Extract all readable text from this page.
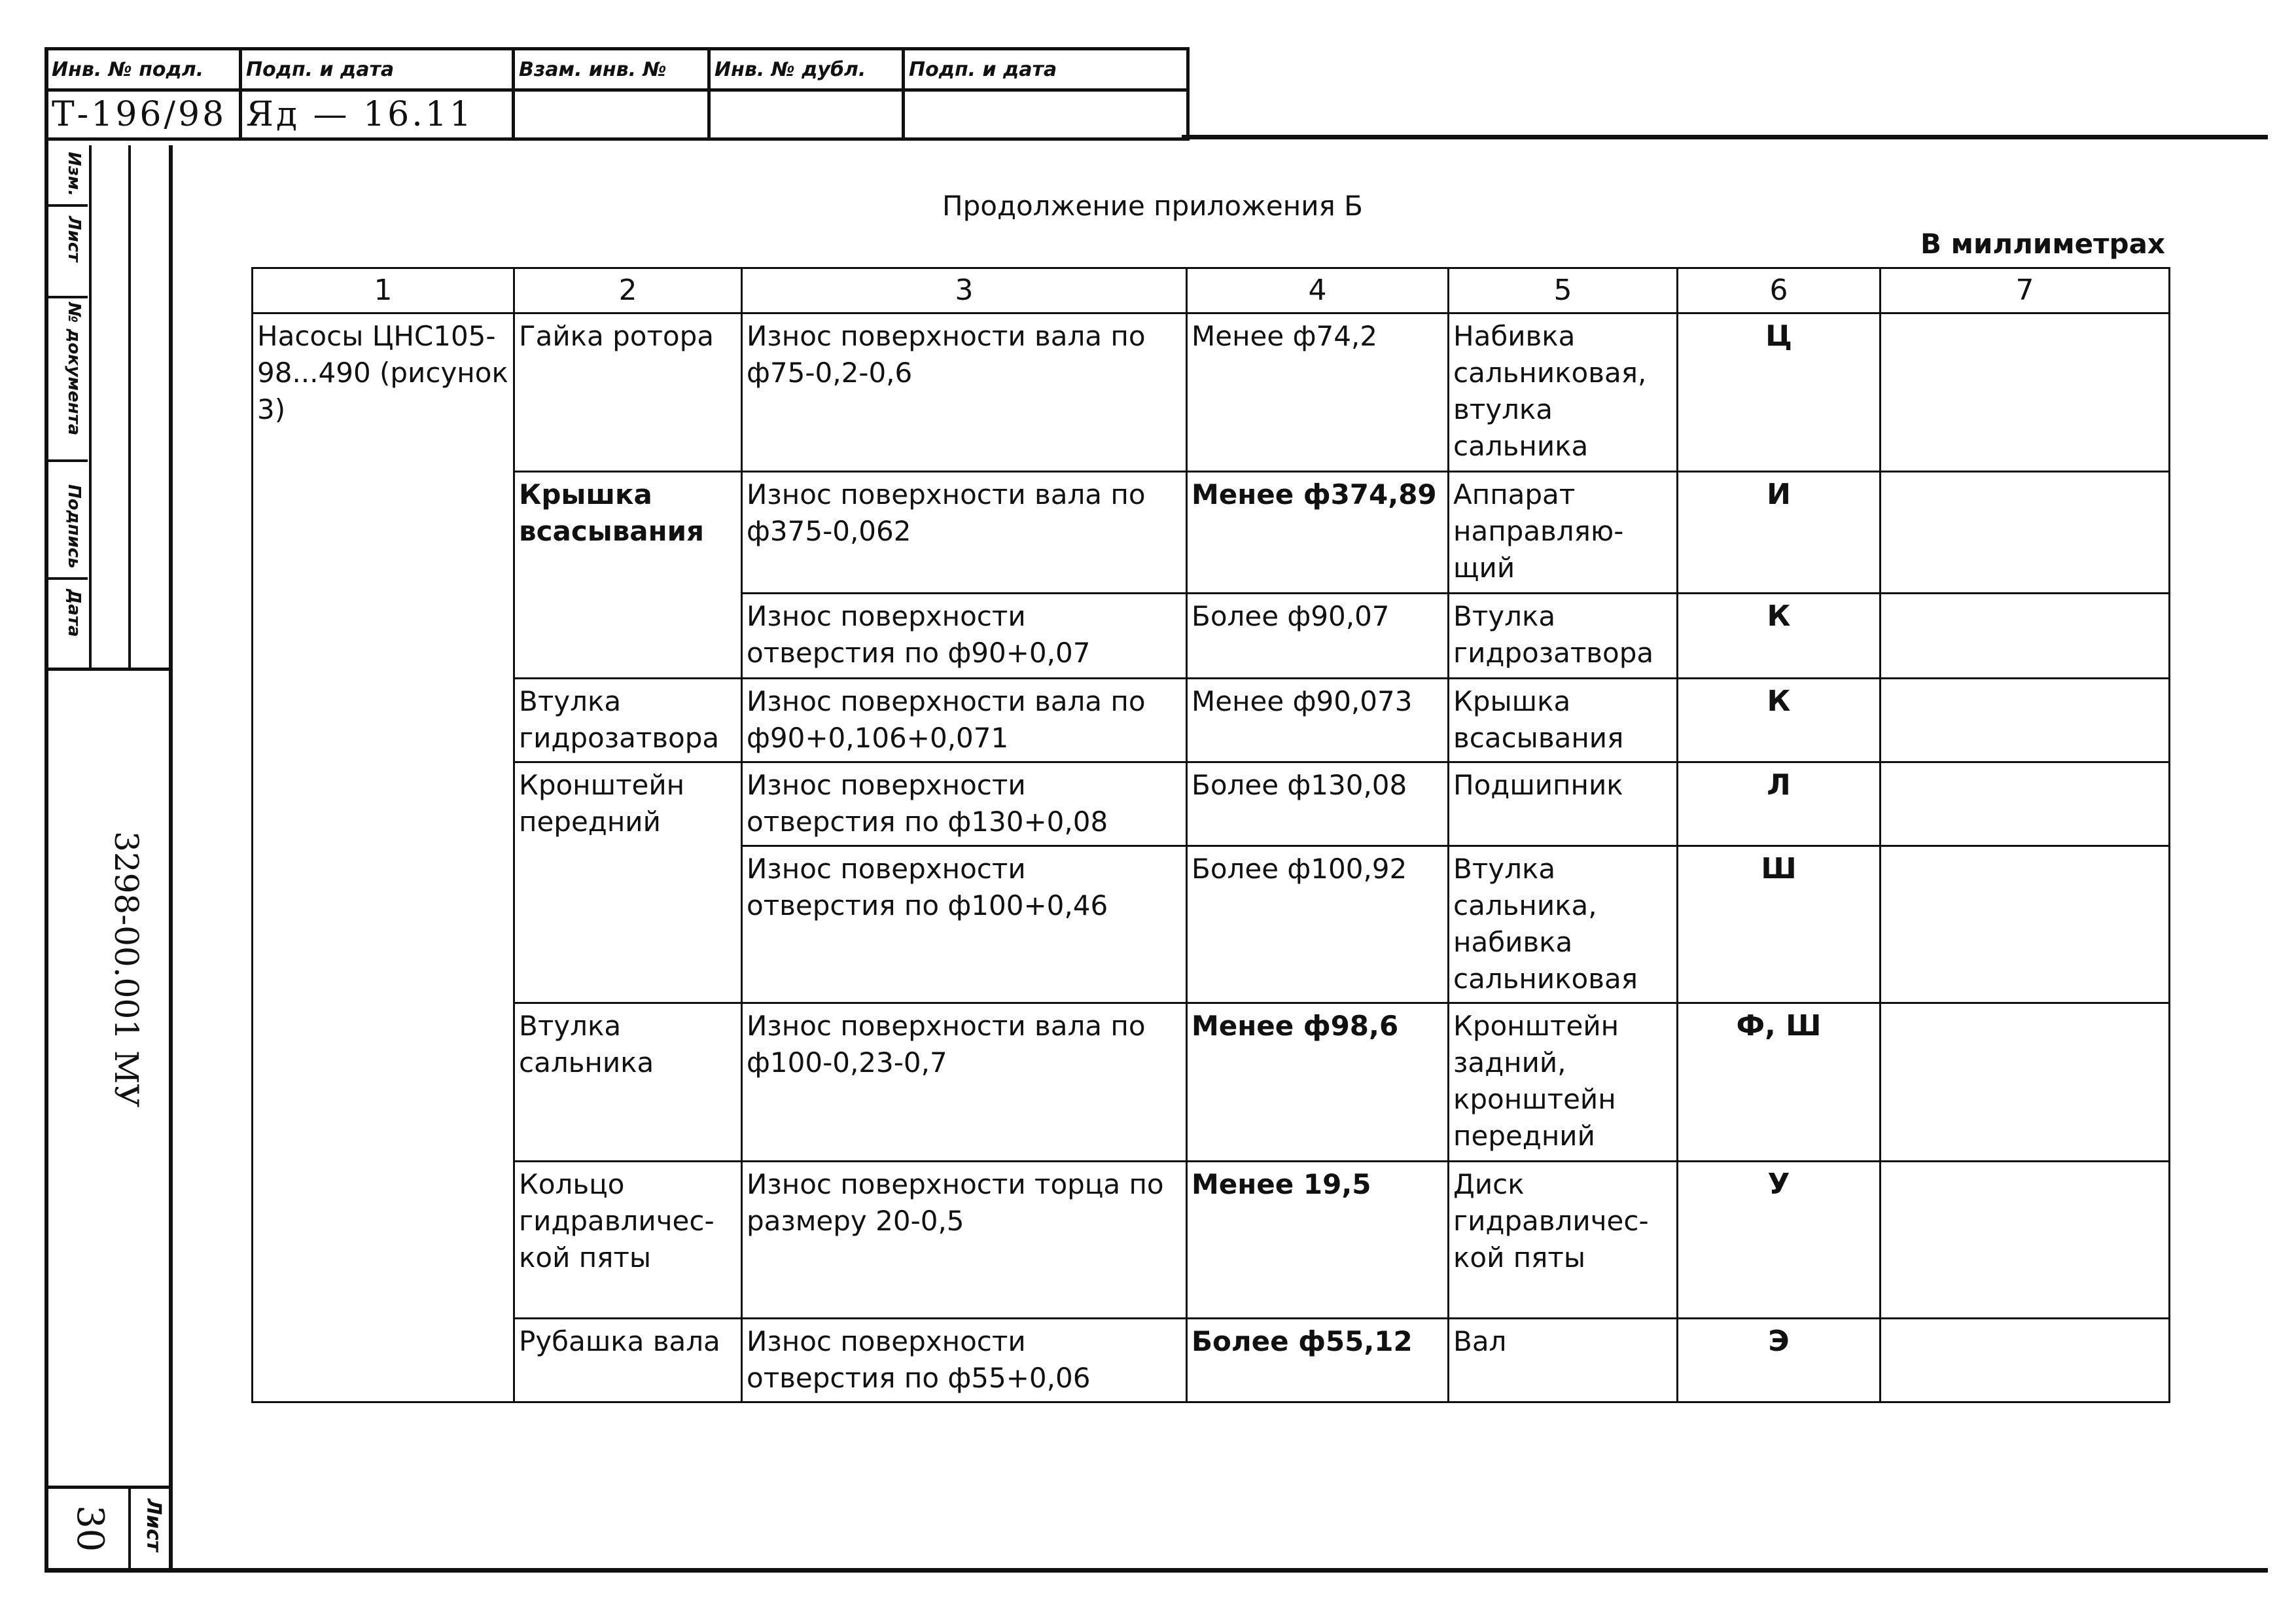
Инв. № подл.	Подп. и дата	Взам. инв. №	Инв. № дубл.	Подп. и дата
Т-196/98	Яд — 16.11			
Изм.
Лист
№ документа
Подпись
Дата
3298-00.001 МУ
Лист
30
Продолжение приложения Б
В миллиметрах
1	2	3	4	5	6	7
Насосы ЦНС105-98...490 (рисунок 3)	Гайка ротора	Износ поверхности вала по ф75-0,2-0,6	Менее ф74,2	Набивка сальниковая, втулка сальника	Ц	
	Крышка всасывания	Износ поверхности вала по ф375-0,062	Менее ф374,89	Аппарат направляю-щий	И	
		Износ поверхности отверстия по ф90+0,07	Более ф90,07	Втулка гидрозатвора	К	
	Втулка гидрозатвора	Износ поверхности вала по ф90+0,106+0,071	Менее ф90,073	Крышка всасывания	К	
	Кронштейн передний	Износ поверхности отверстия по ф130+0,08	Более ф130,08	Подшипник	Л	
		Износ поверхности отверстия по ф100+0,46	Более ф100,92	Втулка сальника, набивка сальниковая	Ш	
	Втулка сальника	Износ поверхности вала по ф100-0,23-0,7	Менее ф98,6	Кронштейн задний, кронштейн передний	Ф, Ш	
	Кольцо гидравличес-кой пяты	Износ поверхности торца по размеру 20-0,5	Менее 19,5	Диск гидравличес-кой пяты	У	
	Рубашка вала	Износ поверхности отверстия по ф55+0,06	Более ф55,12	Вал	Э	
